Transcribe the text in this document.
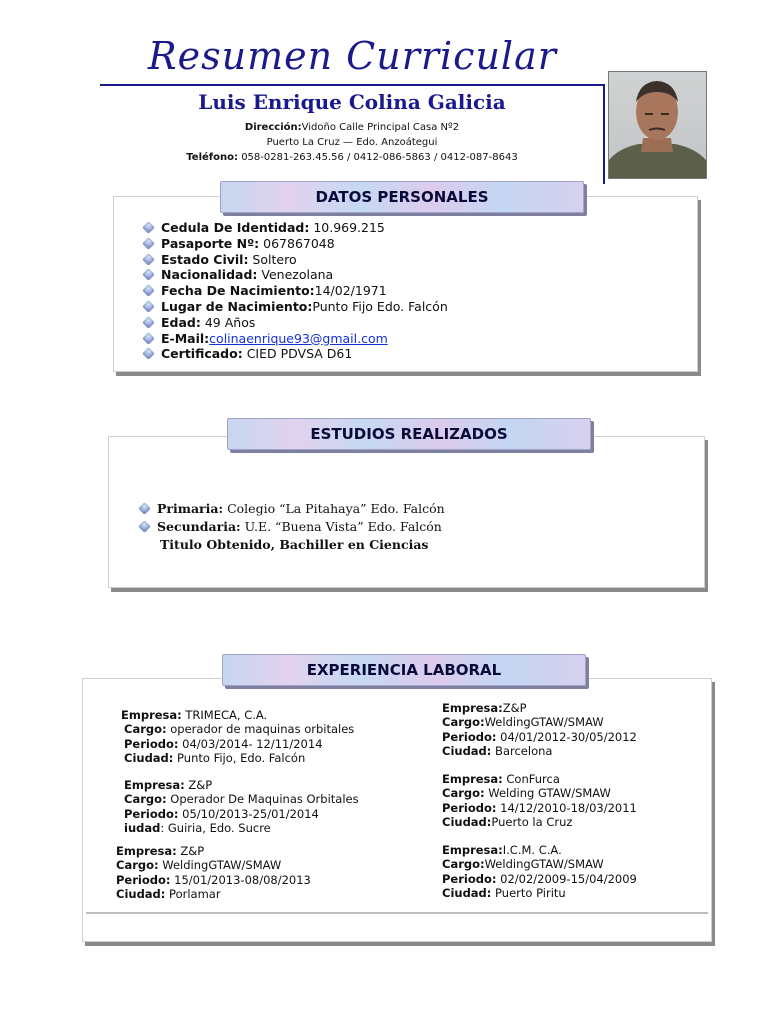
Resumen Curricular
Luis Enrique Colina Galicia
Dirección:Vidoño Calle Principal Casa Nº2
Puerto La Cruz — Edo. Anzoátegui
Teléfono: 058-0281-263.45.56 / 0412-086-5863 / 0412-087-8643
DATOS PERSONALES
Cedula De Identidad: 10.969.215
Pasaporte Nº: 067867048
Estado Civil: Soltero
Nacionalidad: Venezolana
Fecha De Nacimiento:14/02/1971
Lugar de Nacimiento:Punto Fijo Edo. Falcón
Edad: 49 Años
E-Mail:colinaenrique93@gmail.com
Certificado: CIED PDVSA D61
ESTUDIOS REALIZADOS
Primaria: Colegio “La Pitahaya” Edo. Falcón
Secundaria: U.E. “Buena Vista” Edo. Falcón
Titulo Obtenido, Bachiller en Ciencias
EXPERIENCIA LABORAL
Empresa: TRIMECA, C.A.
Cargo: operador de maquinas orbitales
Periodo: 04/03/2014- 12/11/2014
Ciudad: Punto Fijo, Edo. Falcón
Empresa: Z&P
Cargo: Operador De Maquinas Orbitales
Periodo: 05/10/2013-25/01/2014
iudad: Guiria, Edo. Sucre
Empresa: Z&P
Cargo: WeldingGTAW/SMAW
Periodo: 15/01/2013-08/08/2013
Ciudad: Porlamar
Empresa:Z&P
Cargo:WeldingGTAW/SMAW
Periodo: 04/01/2012-30/05/2012
Ciudad: Barcelona
Empresa: ConFurca
Cargo: Welding GTAW/SMAW
Periodo: 14/12/2010-18/03/2011
Ciudad:Puerto la Cruz
Empresa:I.C.M. C.A.
Cargo:WeldingGTAW/SMAW
Periodo: 02/02/2009-15/04/2009
Ciudad: Puerto Piritu
